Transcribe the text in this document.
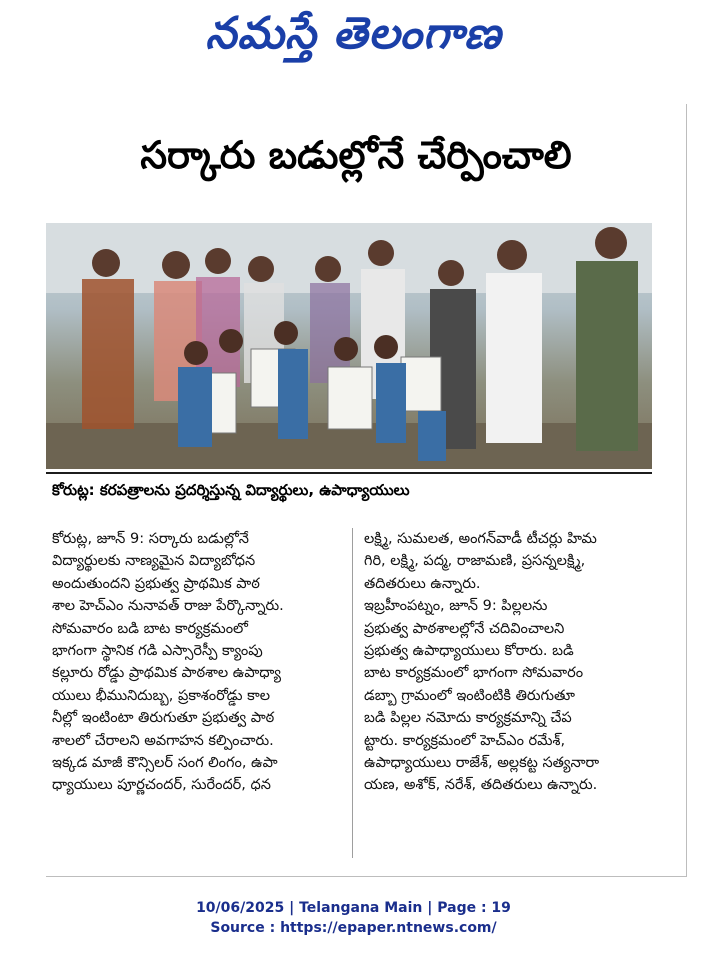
నమస్తే తెలంగాణ
సర్కారు బడుల్లోనే చేర్పించాలి
కోరుట్ల: కరపత్రాలను ప్రదర్శిస్తున్న విద్యార్థులు, ఉపాధ్యాయులు
కోరుట్ల, జూన్ 9: సర్కారు బడుల్లోనే
విద్యార్థులకు నాణ్యమైన విద్యాబోధన
అందుతుందని ప్రభుత్వ ప్రాథమిక పాఠ
శాల హెచ్ఎం నునావత్ రాజు పేర్కొన్నారు.
సోమవారం బడి బాట కార్యక్రమంలో
భాగంగా స్థానిక గడి ఎస్సారెస్పీ క్యాంపు
కల్లూరు రోడ్డు ప్రాథమిక పాఠశాల ఉపాధ్యా
యులు భీమునిదుబ్బ, ప్రకాశంరోడ్డు కాల
నీల్లో ఇంటింటా తిరుగుతూ ప్రభుత్వ పాఠ
శాలలో చేరాలని అవగాహన కల్పించారు.
ఇక్కడ మాజీ కౌన్సిలర్ సంగ లింగం, ఉపా
ధ్యాయులు పూర్ణచందర్, సురేందర్, ధన
లక్ష్మి, సుమలత, అంగన్‌వాడీ టీచర్లు హిమ
గిరి, లక్ష్మి, పద్మ, రాజామణి, ప్రసన్నలక్ష్మి,
తదితరులు ఉన్నారు.
ఇబ్రహీంపట్నం, జూన్ 9: పిల్లలను
ప్రభుత్వ పాఠశాలల్లోనే చదివించాలని
ప్రభుత్వ ఉపాధ్యాయులు కోరారు. బడి
బాట కార్యక్రమంలో భాగంగా సోమవారం
డబ్బా గ్రామంలో ఇంటింటికి తిరుగుతూ
బడి పిల్లల నమోదు కార్యక్రమాన్ని చేప
ట్టారు. కార్యక్రమంలో హెచ్ఎం రమేశ్,
ఉపాధ్యాయులు రాజేశ్, అల్లకట్ట సత్యనారా
యణ, అశోక్, నరేశ్, తదితరులు ఉన్నారు.
10/06/2025 | Telangana Main | Page : 19
Source : https://epaper.ntnews.com/
